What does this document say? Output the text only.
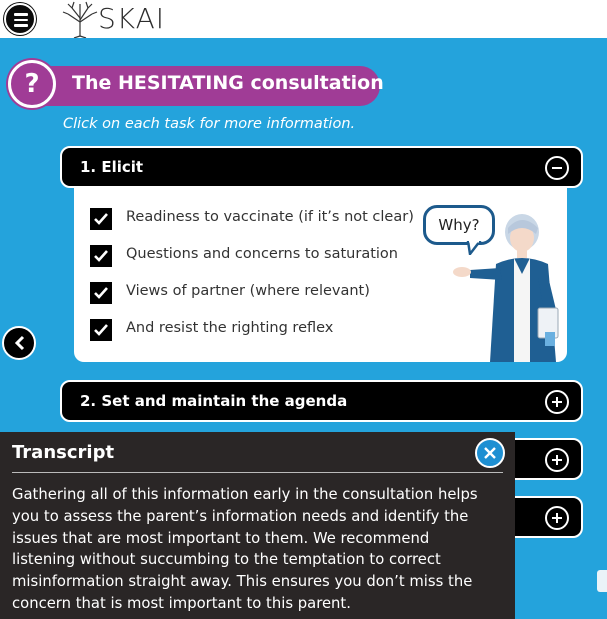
SKAI
The HESITATING consultation
?
Click on each task for more information.
1. Elicit
Readiness to vaccinate (if it’s not clear)
Questions and concerns to saturation
Views of partner (where relevant)
And resist the righting reflex
Why?
2. Set and maintain the agenda
Transcript
Gathering all of this information early in the consultation helps
you to assess the parent’s information needs and identify the
issues that are most important to them. We recommend
listening without succumbing to the temptation to correct
misinformation straight away. This ensures you don’t miss the
concern that is most important to this parent.
